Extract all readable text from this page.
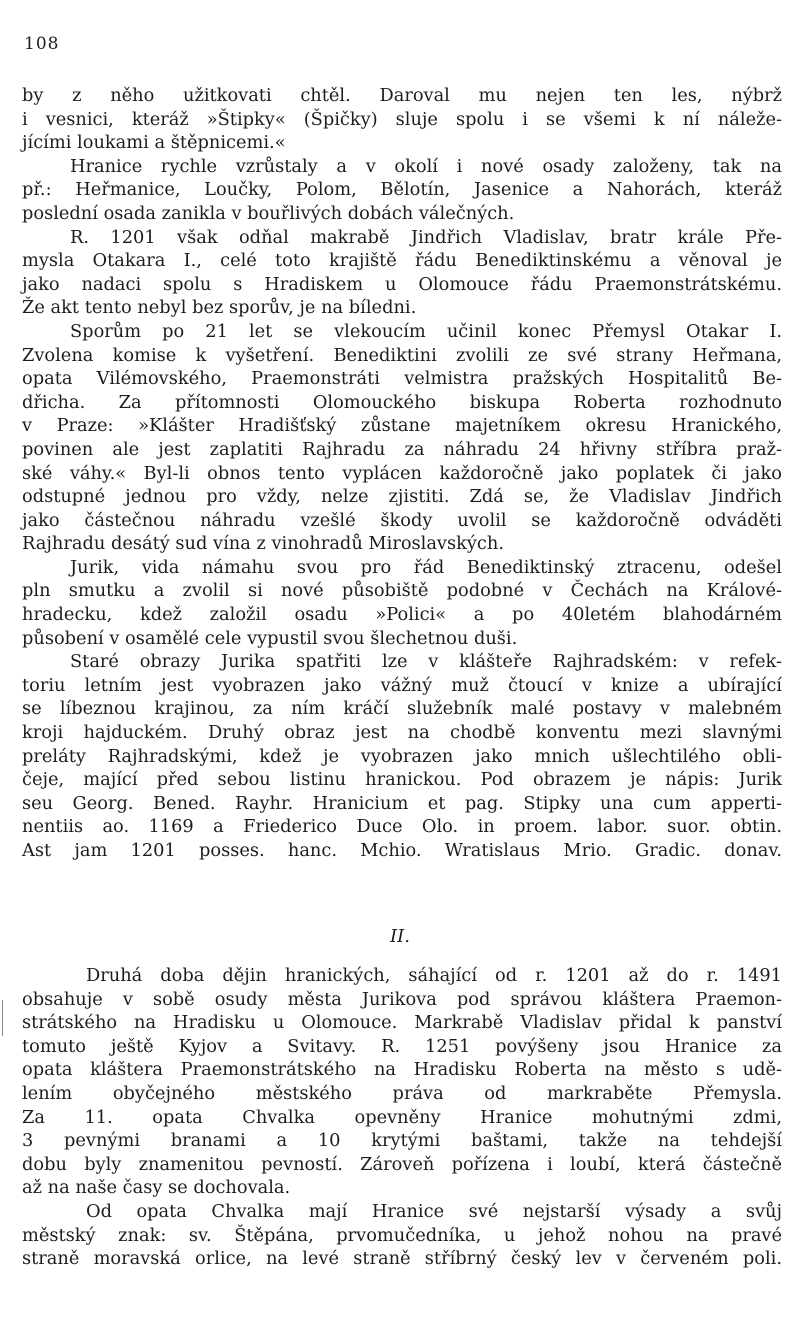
108
by z něho užitkovati chtěl. Daroval mu nejen ten les, nýbrž
i vesnici, kteráž »Štipky« (Špičky) sluje spolu i se všemi k ní náleže-
jícími loukami a štěpnicemi.«
Hranice rychle vzrůstaly a v okolí i nové osady založeny, tak na
př.: Heřmanice, Loučky, Polom, Bělotín, Jasenice a Nahorách, kteráž
poslední osada zanikla v bouřlivých dobách válečných.
R. 1201 však odňal makrabě Jindřich Vladislav, bratr krále Pře-
mysla Otakara I., celé toto krajiště řádu Benediktinskému a věnoval je
jako nadaci spolu s Hradiskem u Olomouce řádu Praemonstrátskému.
Že akt tento nebyl bez sporův, je na bíledni.
Sporům po 21 let se vlekoucím učinil konec Přemysl Otakar I.
Zvolena komise k vyšetření. Benediktini zvolili ze své strany Heřmana,
opata Vilémovského, Praemonstráti velmistra pražských Hospitalitů Be-
dřicha. Za přítomnosti Olomouckého biskupa Roberta rozhodnuto
v Praze: »Klášter Hradišťský zůstane majetníkem okresu Hranického,
povinen ale jest zaplatiti Rajhradu za náhradu 24 hřivny stříbra praž-
ské váhy.« Byl-li obnos tento vyplácen každoročně jako poplatek či jako
odstupné jednou pro vždy, nelze zjistiti. Zdá se, že Vladislav Jindřich
jako částečnou náhradu vzešlé škody uvolil se každoročně odváděti
Rajhradu desátý sud vína z vinohradů Miroslavských.
Jurik, vida námahu svou pro řád Benediktinský ztracenu, odešel
pln smutku a zvolil si nové působiště podobné v Čechách na Králové-
hradecku, kdež založil osadu »Polici« a po 40letém blahodárném
působení v osamělé cele vypustil svou šlechetnou duši.
Staré obrazy Jurika spatřiti lze v klášteře Rajhradském: v refek-
toriu letním jest vyobrazen jako vážný muž čtoucí v knize a ubírající
se líbeznou krajinou, za ním kráčí služebník malé postavy v malebném
kroji hajduckém. Druhý obraz jest na chodbě konventu mezi slavnými
preláty Rajhradskými, kdež je vyobrazen jako mnich ušlechtilého obli-
čeje, mající před sebou listinu hranickou. Pod obrazem je nápis: Jurik
seu Georg. Bened. Rayhr. Hranicium et pag. Stipky una cum apperti-
nentiis ao. 1169 a Friederico Duce Olo. in proem. labor. suor. obtin.
Ast jam 1201 posses. hanc. Mchio. Wratislaus Mrio. Gradic. donav.
II.
Druhá doba dějin hranických, sáhající od r. 1201 až do r. 1491
obsahuje v sobě osudy města Jurikova pod správou kláštera Praemon-
strátského na Hradisku u Olomouce. Markrabě Vladislav přidal k panství
tomuto ještě Kyjov a Svitavy. R. 1251 povýšeny jsou Hranice za
opata kláštera Praemonstrátského na Hradisku Roberta na město s udě-
lením obyčejného městského práva od markraběte Přemysla.
Za 11. opata Chvalka opevněny Hranice mohutnými zdmi,
3 pevnými branami a 10 krytými baštami, takže na tehdejší
dobu byly znamenitou pevností. Zároveň pořízena i loubí, která částečně
až na naše časy se dochovala.
Od opata Chvalka mají Hranice své nejstarší výsady a svůj
městský znak: sv. Štěpána, prvomučedníka, u jehož nohou na pravé
straně moravská orlice, na levé straně stříbrný český lev v červeném poli.
